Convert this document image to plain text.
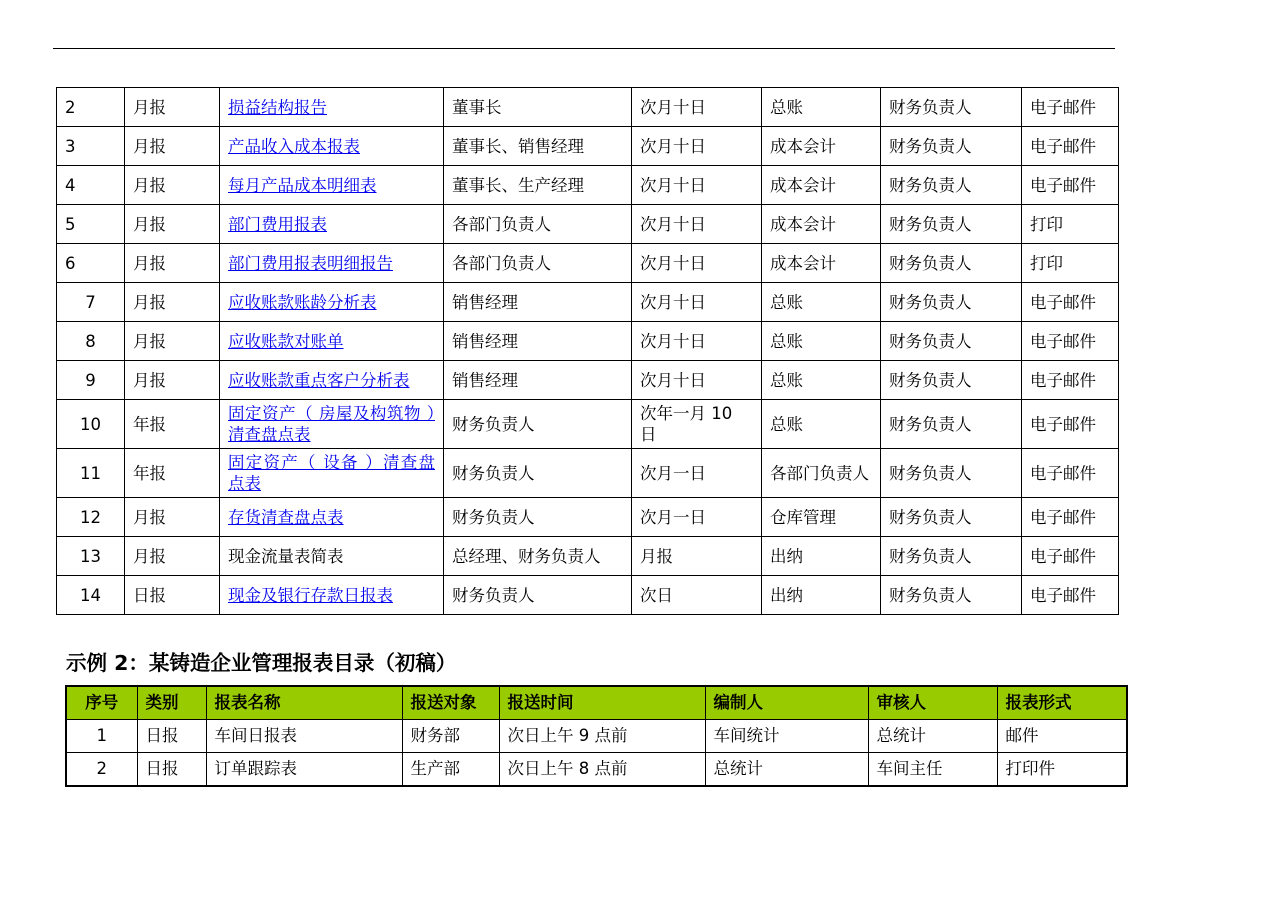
2	月报	损益结构报告	董事长	次月十日	总账	财务负责人	电子邮件
3	月报	产品收入成本报表	董事长、销售经理	次月十日	成本会计	财务负责人	电子邮件
4	月报	每月产品成本明细表	董事长、生产经理	次月十日	成本会计	财务负责人	电子邮件
5	月报	部门费用报表	各部门负责人	次月十日	成本会计	财务负责人	打印
6	月报	部门费用报表明细报告	各部门负责人	次月十日	成本会计	财务负责人	打印
7	月报	应收账款账龄分析表	销售经理	次月十日	总账	财务负责人	电子邮件
8	月报	应收账款对账单	销售经理	次月十日	总账	财务负责人	电子邮件
9	月报	应收账款重点客户分析表	销售经理	次月十日	总账	财务负责人	电子邮件
10	年报	固定资产（ 房屋及构筑物 ）清查盘点表	财务负责人	次年一月 10 日	总账	财务负责人	电子邮件
11	年报	固定资产（ 设备 ）清查盘点表	财务负责人	次月一日	各部门负责人	财务负责人	电子邮件
12	月报	存货清查盘点表	财务负责人	次月一日	仓库管理	财务负责人	电子邮件
13	月报	现金流量表简表	总经理、财务负责人	月报	出纳	财务负责人	电子邮件
14	日报	现金及银行存款日报表	财务负责人	次日	出纳	财务负责人	电子邮件
示例 2：某铸造企业管理报表目录（初稿）
序号	类别	报表名称	报送对象	报送时间	编制人	审核人	报表形式
1	日报	车间日报表	财务部	次日上午 9 点前	车间统计	总统计	邮件
2	日报	订单跟踪表	生产部	次日上午 8 点前	总统计	车间主任	打印件
